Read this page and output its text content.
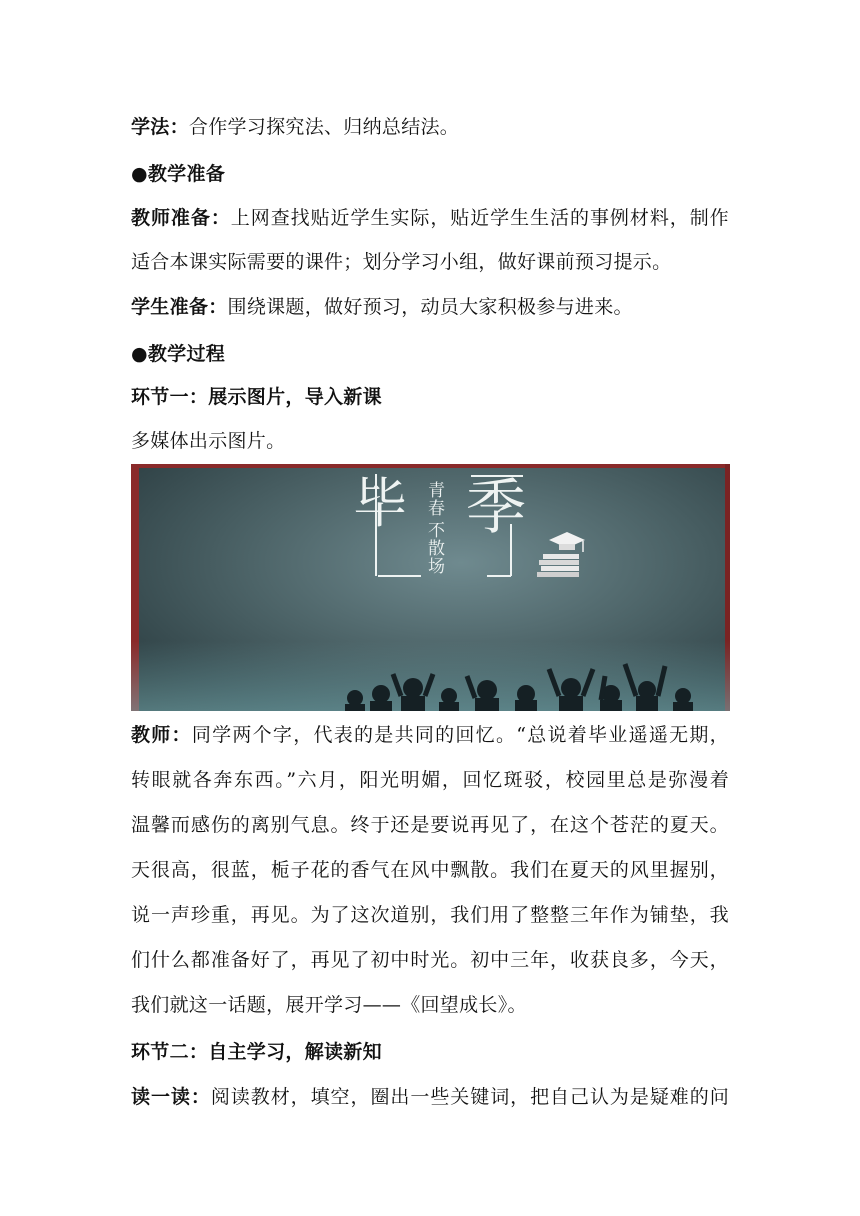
学法：合作学习探究法、归纳总结法。
●教学准备
教师准备：上网查找贴近学生实际，贴近学生生活的事例材料，制作
适合本课实际需要的课件；划分学习小组，做好课前预习提示。
学生准备：围绕课题，做好预习，动员大家积极参与进来。
●教学过程
环节一：展示图片，导入新课
多媒体出示图片。
毕 季
青
春
不
散
场
教师：同学两个字，代表的是共同的回忆。“总说着毕业遥遥无期，
转眼就各奔东西。”六月，阳光明媚，回忆斑驳，校园里总是弥漫着
温馨而感伤的离别气息。终于还是要说再见了，在这个苍茫的夏天。
天很高，很蓝，栀子花的香气在风中飘散。我们在夏天的风里握别，
说一声珍重，再见。为了这次道别，我们用了整整三年作为铺垫，我
们什么都准备好了，再见了初中时光。初中三年，收获良多，今天，
我们就这一话题，展开学习——《回望成长》。
环节二：自主学习，解读新知
读一读：阅读教材，填空，圈出一些关键词，把自己认为是疑难的问
